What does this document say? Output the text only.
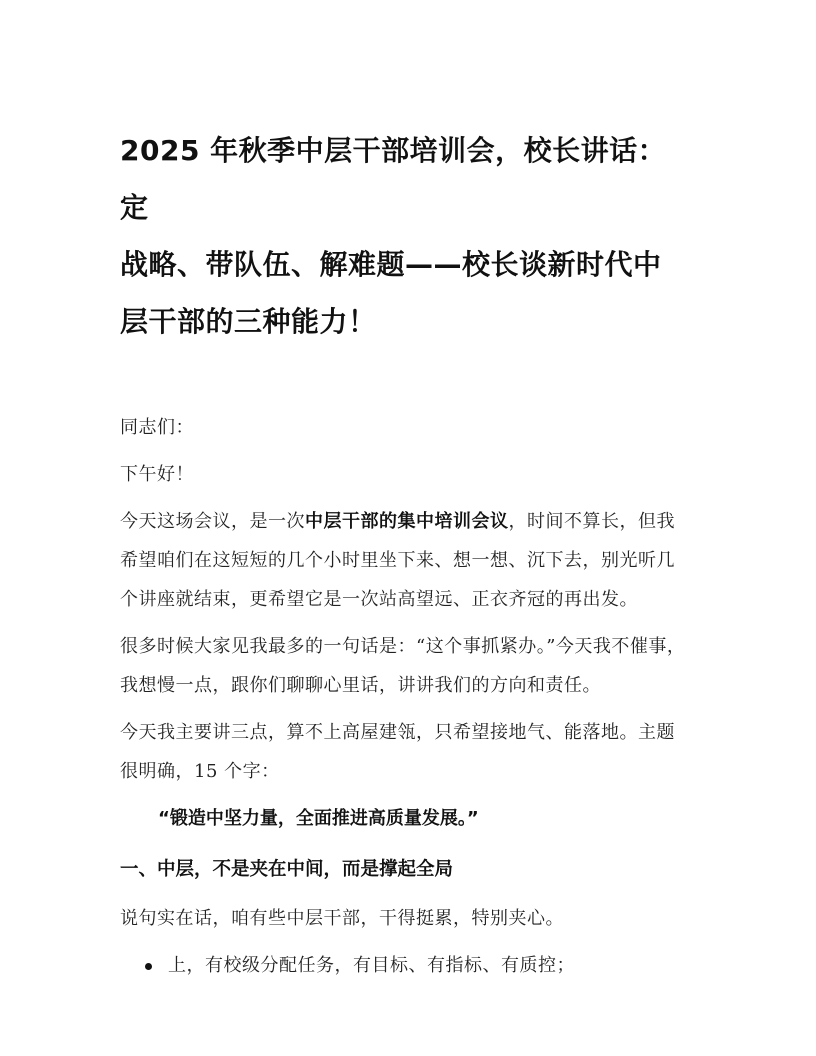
2025 年秋季中层干部培训会，校长讲话：定
战略、带队伍、解难题——校长谈新时代中
层干部的三种能力！

同志们：

下午好！

今天这场会议，是一次中层干部的集中培训会议，时间不算长，但我希望咱们在这短短的几个小时里坐下来、想一想、沉下去，别光听几个讲座就结束，更希望它是一次站高望远、正衣齐冠的再出发。

很多时候大家见我最多的一句话是：“这个事抓紧办。”今天我不催事，我想慢一点，跟你们聊聊心里话，讲讲我们的方向和责任。

今天我主要讲三点，算不上高屋建瓴，只希望接地气、能落地。主题很明确，15 个字：

“锻造中坚力量，全面推进高质量发展。”

一、中层，不是夹在中间，而是撑起全局

说句实在话，咱有些中层干部，干得挺累，特别夹心。

上，有校级分配任务，有目标、有指标、有质控；
